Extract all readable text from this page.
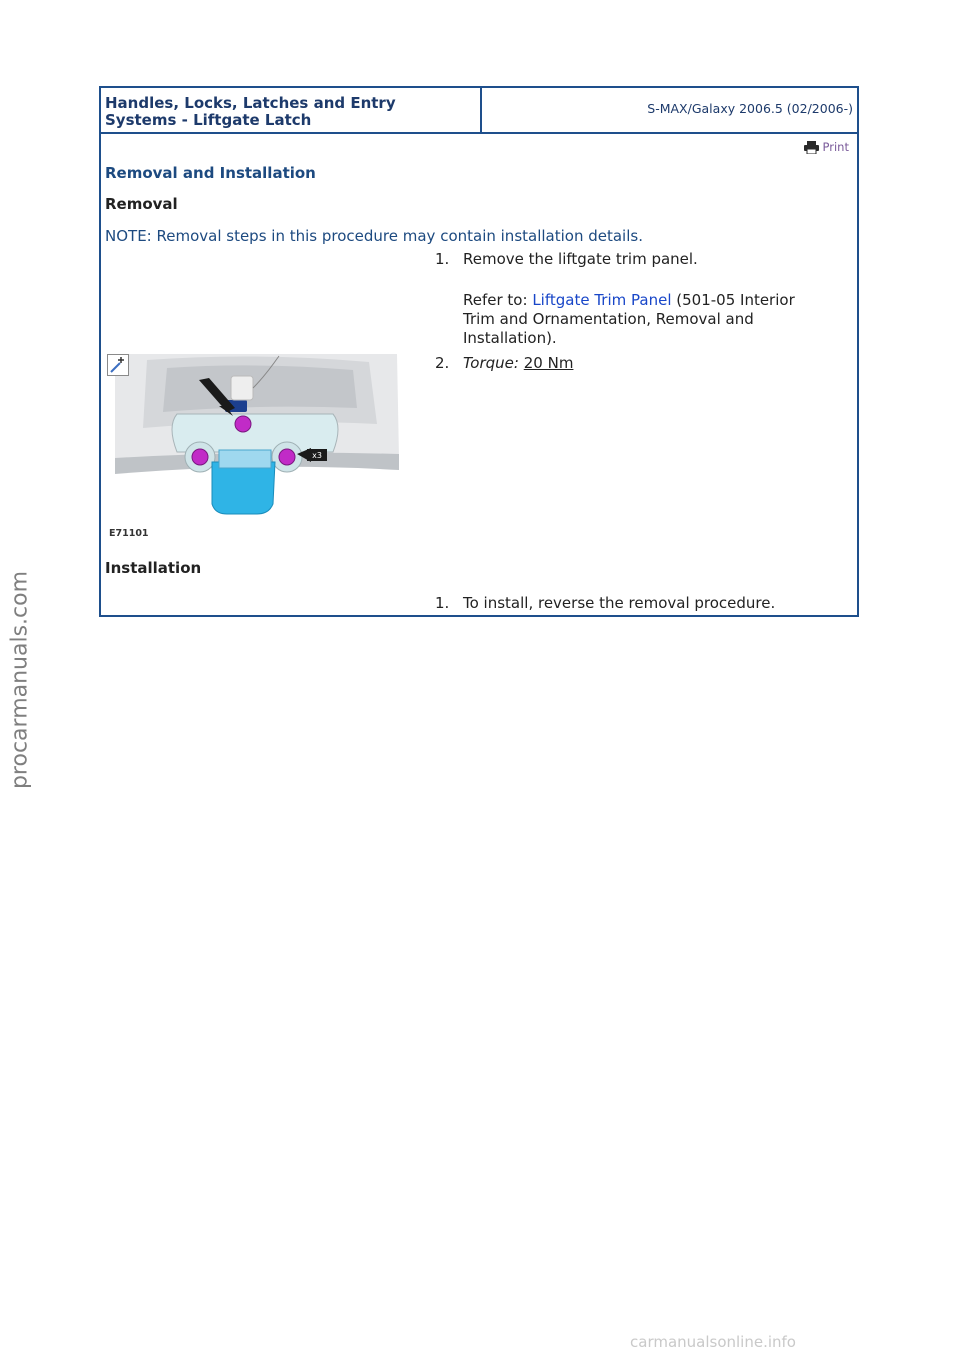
Handles, Locks, Latches and Entry
Systems - Liftgate Latch
S-MAX/Galaxy 2006.5 (02/2006-)
Print
Removal and Installation
Removal
NOTE: Removal steps in this procedure may contain installation details.
1. Remove the liftgate trim panel.
Refer to: Liftgate Trim Panel (501-05 Interior
Trim and Ornamentation, Removal and
Installation).
x3
E71101
2. Torque: 20 Nm
Installation
1. To install, reverse the removal procedure.
procarmanuals.com
carmanualsonline.info
